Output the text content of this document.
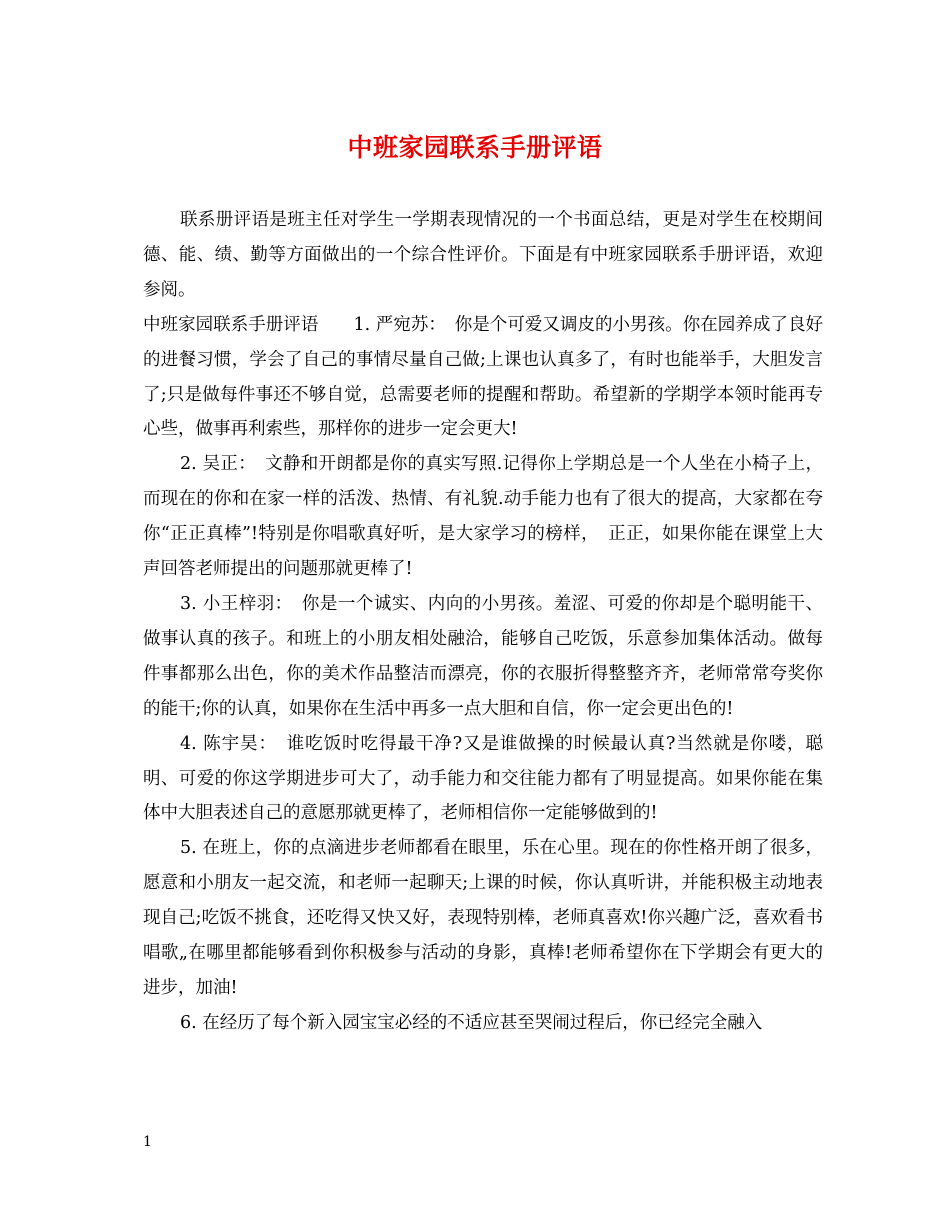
中班家园联系手册评语

联系册评语是班主任对学生一学期表现情况的一个书面总结，更是对学生在校期间德、能、绩、勤等方面做出的一个综合性评价。下面是有中班家园联系手册评语，欢迎参阅。

中班家园联系手册评语　　1. 严宛苏：　你是个可爱又调皮的小男孩。你在园养成了良好的进餐习惯，学会了自己的事情尽量自己做;上课也认真多了，有时也能举手，大胆发言了;只是做每件事还不够自觉，总需要老师的提醒和帮助。希望新的学期学本领时能再专心些，做事再利索些，那样你的进步一定会更大!

2. 吴正：　文静和开朗都是你的真实写照.记得你上学期总是一个人坐在小椅子上，而现在的你和在家一样的活泼、热情、有礼貌.动手能力也有了很大的提高，大家都在夸你“正正真棒”!特别是你唱歌真好听，是大家学习的榜样，　正正，如果你能在课堂上大声回答老师提出的问题那就更棒了!

3. 小王梓羽：　你是一个诚实、内向的小男孩。羞涩、可爱的你却是个聪明能干、做事认真的孩子。和班上的小朋友相处融洽，能够自己吃饭，乐意参加集体活动。做每件事都那么出色，你的美术作品整洁而漂亮，你的衣服折得整整齐齐，老师常常夸奖你的能干;你的认真，如果你在生活中再多一点大胆和自信，你一定会更出色的!

4. 陈宇昊：　谁吃饭时吃得最干净?又是谁做操的时候最认真?当然就是你喽，聪明、可爱的你这学期进步可大了，动手能力和交往能力都有了明显提高。如果你能在集体中大胆表述自己的意愿那就更棒了，老师相信你一定能够做到的!

5. 在班上，你的点滴进步老师都看在眼里，乐在心里。现在的你性格开朗了很多，愿意和小朋友一起交流，和老师一起聊天;上课的时候，你认真听讲，并能积极主动地表现自己;吃饭不挑食，还吃得又快又好，表现特别棒，老师真喜欢!你兴趣广泛，喜欢看书唱歌„在哪里都能够看到你积极参与活动的身影，真棒!老师希望你在下学期会有更大的进步，加油!

6. 在经历了每个新入园宝宝必经的不适应甚至哭闹过程后，你已经完全融入

1
